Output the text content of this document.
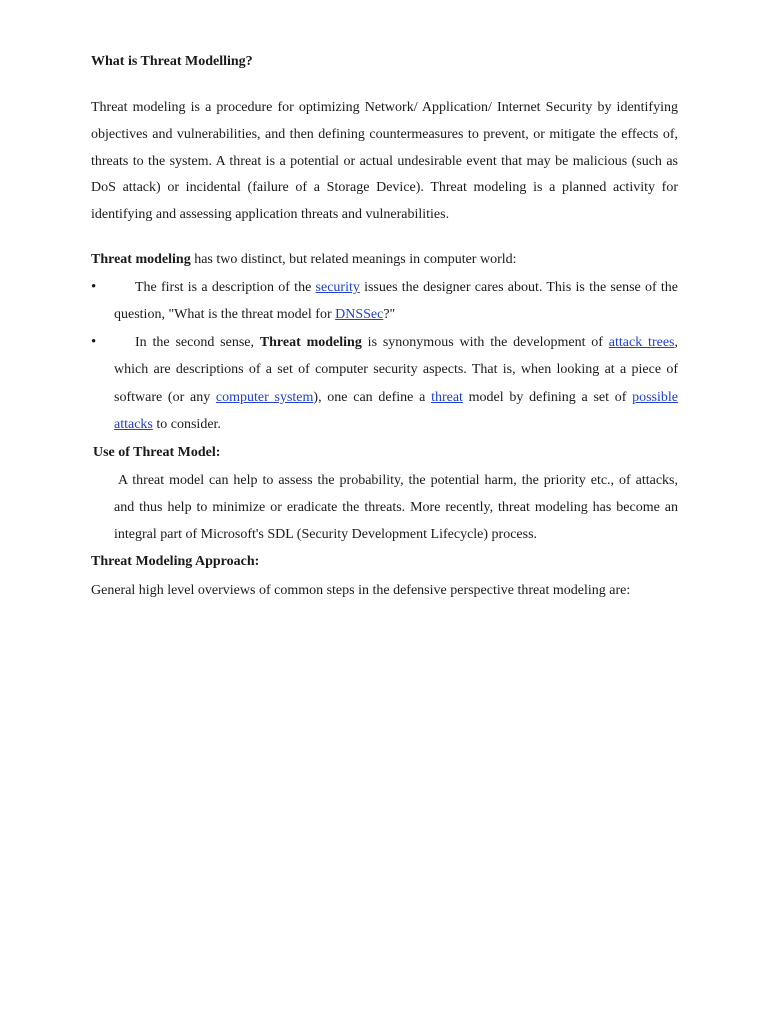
What is Threat Modelling?

Threat modeling is a procedure for optimizing Network/ Application/ Internet Security by identifying objectives and vulnerabilities, and then defining countermeasures to prevent, or mitigate the effects of, threats to the system. A threat is a potential or actual undesirable event that may be malicious (such as DoS attack) or incidental (failure of a Storage Device). Threat modeling is a planned activity for identifying and assessing application threats and vulnerabilities.

Threat modeling has two distinct, but related meanings in computer world:

•	The first is a description of the security issues the designer cares about. This is the sense of the question, "What is the threat model for DNSSec?"
•	In the second sense, Threat modeling is synonymous with the development of attack trees, which are descriptions of a set of computer security aspects. That is, when looking at a piece of software (or any computer system), one can define a threat model by defining a set of possible attacks to consider.

Use of Threat Model:

A threat model can help to assess the probability, the potential harm, the priority etc., of attacks, and thus help to minimize or eradicate the threats. More recently, threat modeling has become an integral part of Microsoft's SDL (Security Development Lifecycle) process.

Threat Modeling Approach:

General high level overviews of common steps in the defensive perspective threat modeling are:
